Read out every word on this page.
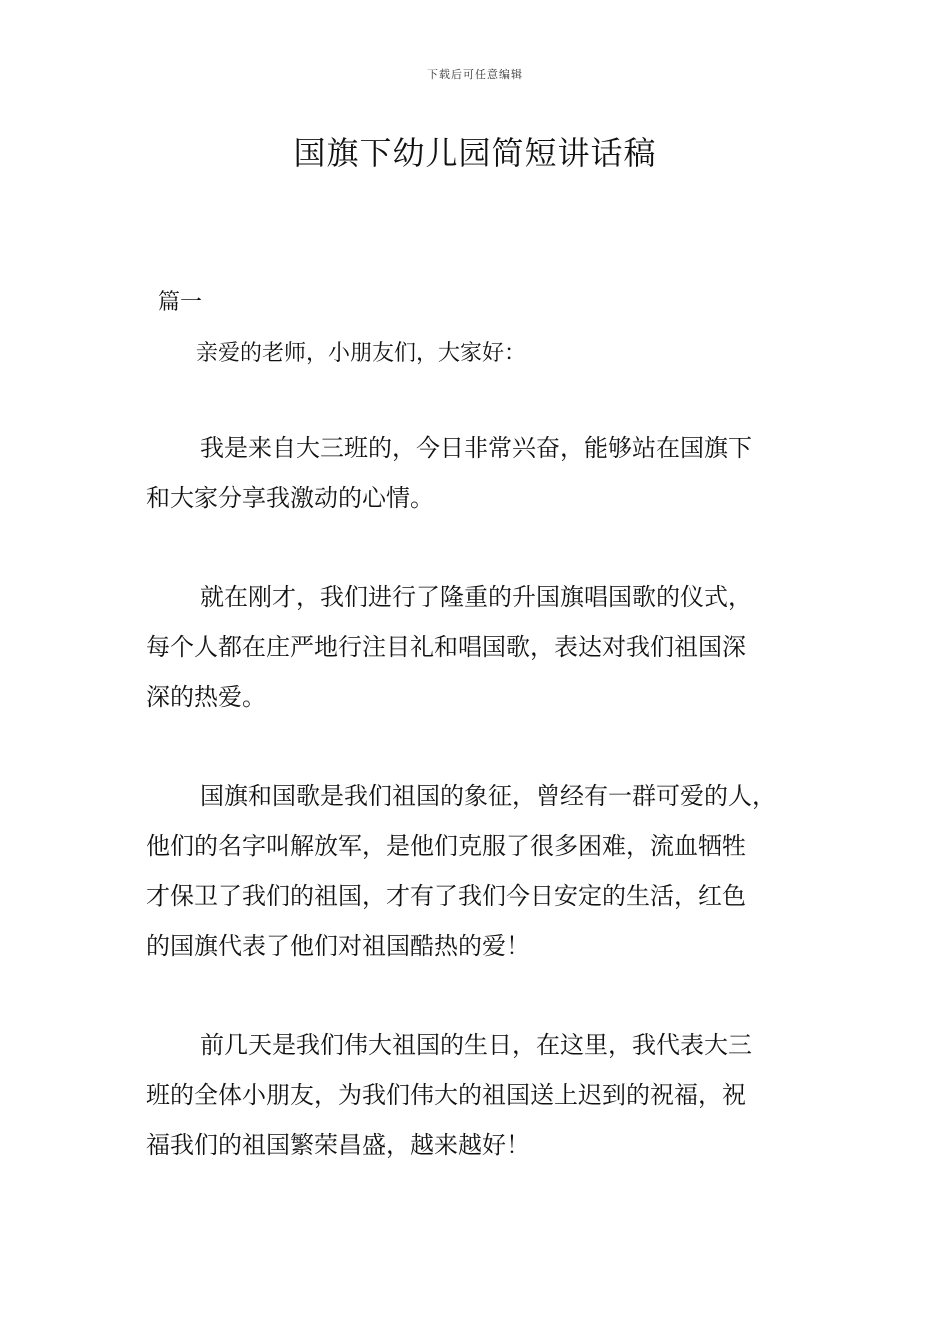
下载后可任意编辑
国旗下幼儿园简短讲话稿
篇一
亲爱的老师，小朋友们，大家好：

我是来自大三班的，今日非常兴奋，能够站在国旗下
和大家分享我激动的心情。

就在刚才，我们进行了隆重的升国旗唱国歌的仪式，
每个人都在庄严地行注目礼和唱国歌，表达对我们祖国深
深的热爱。

国旗和国歌是我们祖国的象征，曾经有一群可爱的人，
他们的名字叫解放军，是他们克服了很多困难，流血牺牲
才保卫了我们的祖国，才有了我们今日安定的生活，红色
的国旗代表了他们对祖国酷热的爱！

前几天是我们伟大祖国的生日，在这里，我代表大三
班的全体小朋友，为我们伟大的祖国送上迟到的祝福，祝
福我们的祖国繁荣昌盛，越来越好！
